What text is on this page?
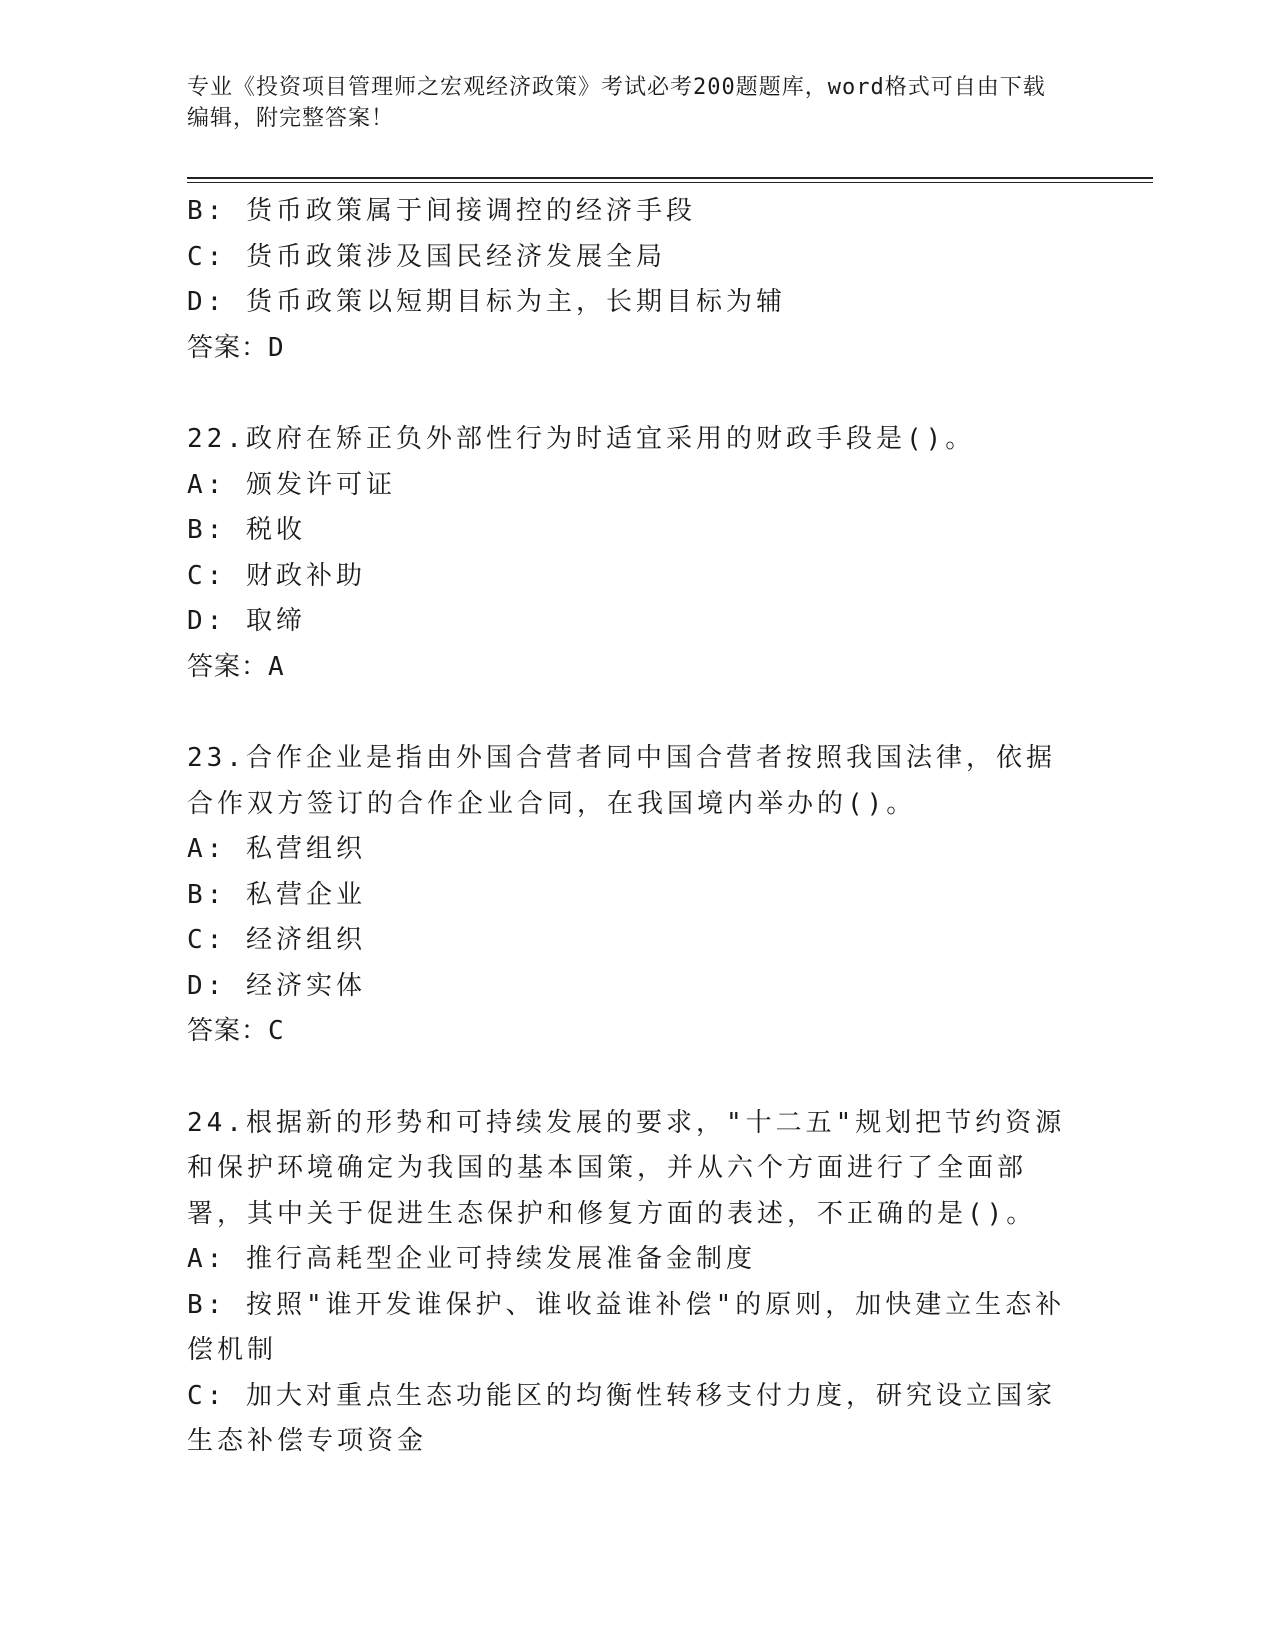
专业《投资项目管理师之宏观经济政策》考试必考200题题库，word格式可自由下载编辑，附完整答案！
B: 货币政策属于间接调控的经济手段
C: 货币政策涉及国民经济发展全局
D: 货币政策以短期目标为主，长期目标为辅
答案：D
22.政府在矫正负外部性行为时适宜采用的财政手段是()。
A: 颁发许可证
B: 税收
C: 财政补助
D: 取缔
答案：A
23.合作企业是指由外国合营者同中国合营者按照我国法律，依据合作双方签订的合作企业合同，在我国境内举办的()。
A: 私营组织
B: 私营企业
C: 经济组织
D: 经济实体
答案：C
24.根据新的形势和可持续发展的要求，"十二五"规划把节约资源和保护环境确定为我国的基本国策，并从六个方面进行了全面部署，其中关于促进生态保护和修复方面的表述，不正确的是()。
A: 推行高耗型企业可持续发展准备金制度
B: 按照"谁开发谁保护、谁收益谁补偿"的原则，加快建立生态补偿机制
C: 加大对重点生态功能区的均衡性转移支付力度，研究设立国家生态补偿专项资金
